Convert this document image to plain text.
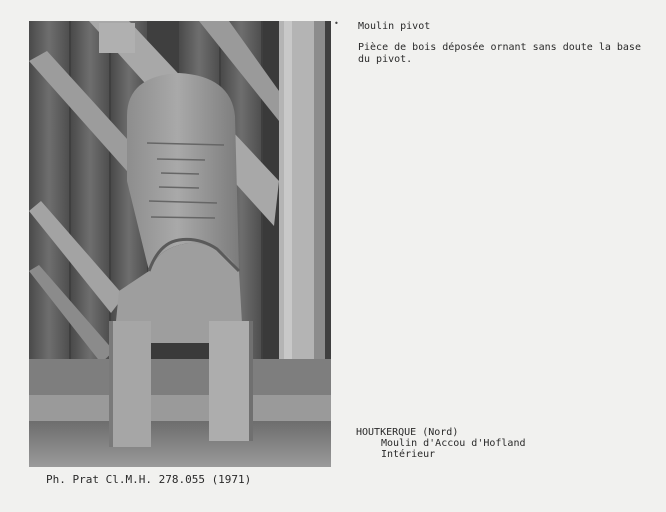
• Moulin pivot
Pièce de bois déposée ornant sans doute la base du pivot.
HOUTKERQUE (Nord)
Moulin d'Accou d'Hofland
Intérieur
Ph. Prat Cl.M.H. 278.055 (1971)
